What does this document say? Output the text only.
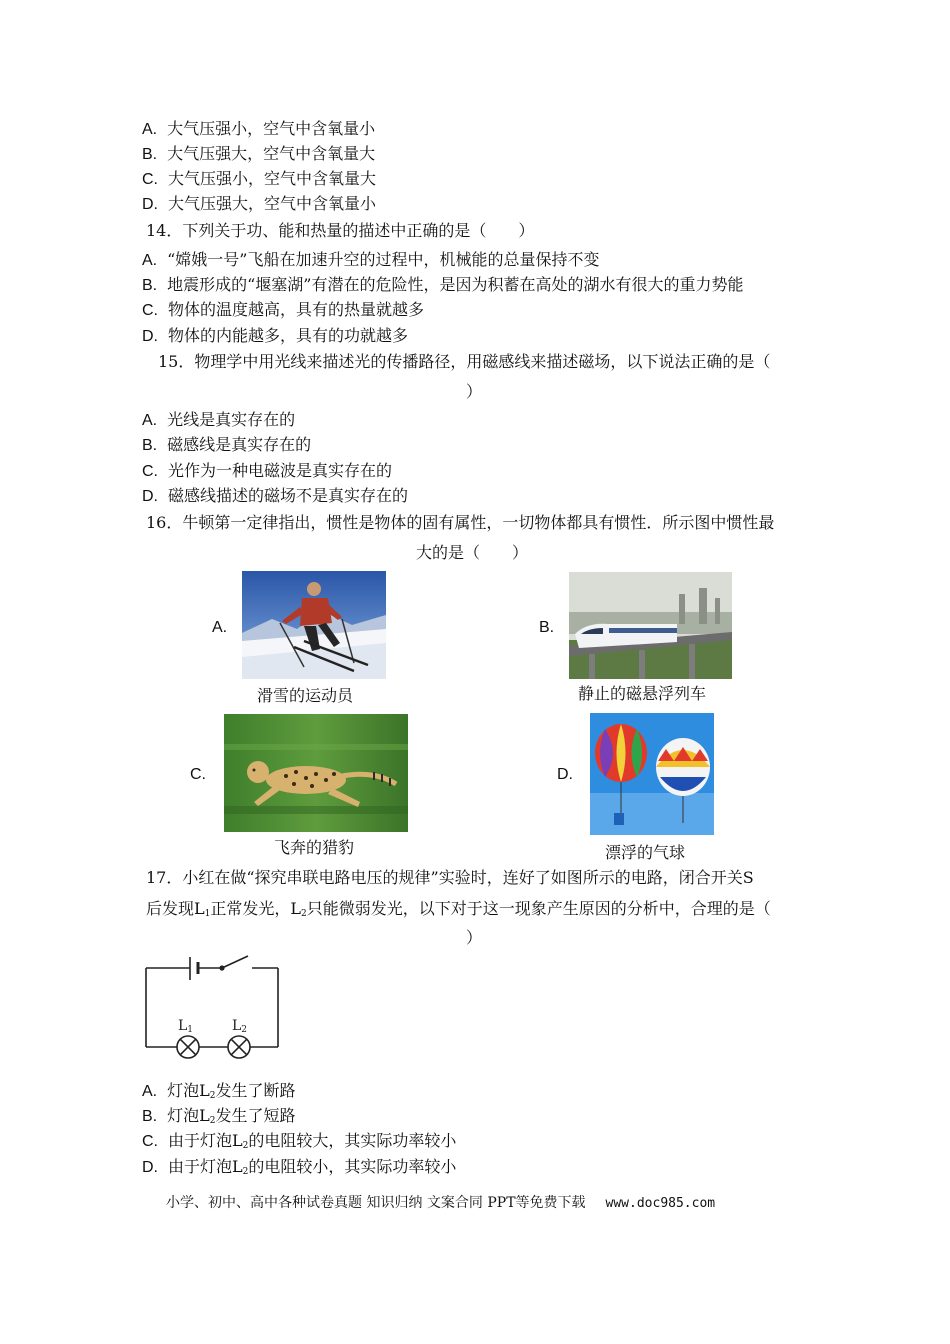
A. 大气压强小，空气中含氧量小
B. 大气压强大，空气中含氧量大
C. 大气压强小，空气中含氧量大
D. 大气压强大，空气中含氧量小
14．下列关于功、能和热量的描述中正确的是（　　）
A. “嫦娥一号”飞船在加速升空的过程中，机械能的总量保持不变
B. 地震形成的“堰塞湖”有潜在的危险性，是因为积蓄在高处的湖水有很大的重力势能
C. 物体的温度越高，具有的热量就越多
D. 物体的内能越多，具有的功就越多
15．物理学中用光线来描述光的传播路径，用磁感线来描述磁场，以下说法正确的是（
）
A. 光线是真实存在的
B. 磁感线是真实存在的
C. 光作为一种电磁波是真实存在的
D. 磁感线描述的磁场不是真实存在的
16．牛顿第一定律指出，惯性是物体的固有属性，一切物体都具有惯性．所示图中惯性最
大的是（　　）
A.
滑雪的运动员
B.
静止的磁悬浮列车
C.
飞奔的猎豹
D.
漂浮的气球
17．小红在做“探究串联电路电压的规律”实验时，连好了如图所示的电路，闭合开关S
后发现$L_1$正常发光，$L_2$只能微弱发光，以下对于这一现象产生原因的分析中，合理的是（
）
L1	L2
A. 灯泡$L_2$发生了断路
B. 灯泡$L_2$发生了短路
C. 由于灯泡$L_2$的电阻较大，其实际功率较小
D. 由于灯泡$L_2$的电阻较小，其实际功率较小
小学、初中、高中各种试卷真题 知识归纳 文案合同 PPT等免费下载 www.doc985.com
